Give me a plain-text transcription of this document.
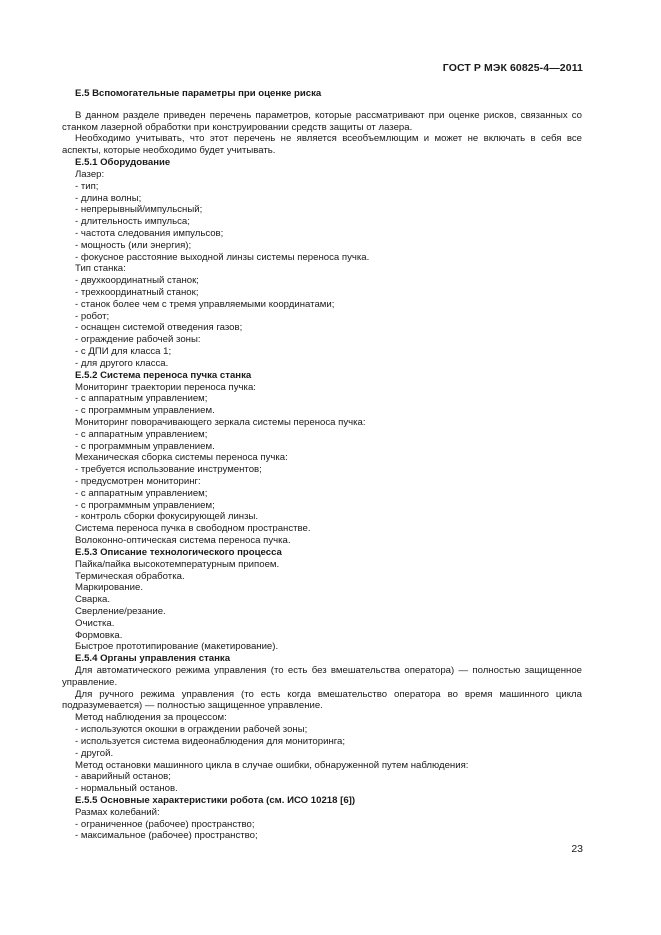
ГОСТ Р МЭК 60825-4—2011
Е.5 Вспомогательные параметры при оценке риска
В данном разделе приведен перечень параметров, которые рассматривают при оценке рисков, связанных со станком лазерной обработки при конструировании средств защиты от лазера.
Необходимо учитывать, что этот перечень не является всеобъемлющим и может не включать в себя все аспекты, которые необходимо будет учитывать.
Е.5.1 Оборудование
Лазер:
- тип;
- длина волны;
- непрерывный/импульсный;
- длительность импульса;
- частота следования импульсов;
- мощность (или энергия);
- фокусное расстояние выходной линзы системы переноса пучка.
Тип станка:
- двухкоординатный станок;
- трехкоординатный станок;
- станок более чем с тремя управляемыми координатами;
- робот;
- оснащен системой отведения газов;
- ограждение рабочей зоны:
- с ДПИ для класса 1;
- для другого класса.
Е.5.2 Система переноса пучка станка
Мониторинг траектории переноса пучка:
- с аппаратным управлением;
- с программным управлением.
Мониторинг поворачивающего зеркала системы переноса пучка:
- с аппаратным управлением;
- с программным управлением.
Механическая сборка системы переноса пучка:
- требуется использование инструментов;
- предусмотрен мониторинг:
- с аппаратным управлением;
- с программным управлением;
- контроль сборки фокусирующей линзы.
Система переноса пучка в свободном пространстве.
Волоконно-оптическая система переноса пучка.
Е.5.3 Описание технологического процесса
Пайка/пайка высокотемпературным припоем.
Термическая обработка.
Маркирование.
Сварка.
Сверление/резание.
Очистка.
Формовка.
Быстрое прототипирование (макетирование).
Е.5.4 Органы управления станка
Для автоматического режима управления (то есть без вмешательства оператора) — полностью защищенное управление.
Для ручного режима управления (то есть когда вмешательство оператора во время машинного цикла подразумевается) — полностью защищенное управление.
Метод наблюдения за процессом:
- используются окошки в ограждении рабочей зоны;
- используется система видеонаблюдения для мониторинга;
- другой.
Метод остановки машинного цикла в случае ошибки, обнаруженной путем наблюдения:
- аварийный останов;
- нормальный останов.
Е.5.5 Основные характеристики робота (см. ИСО 10218 [6])
Размах колебаний:
- ограниченное (рабочее) пространство;
- максимальное (рабочее) пространство;
23
